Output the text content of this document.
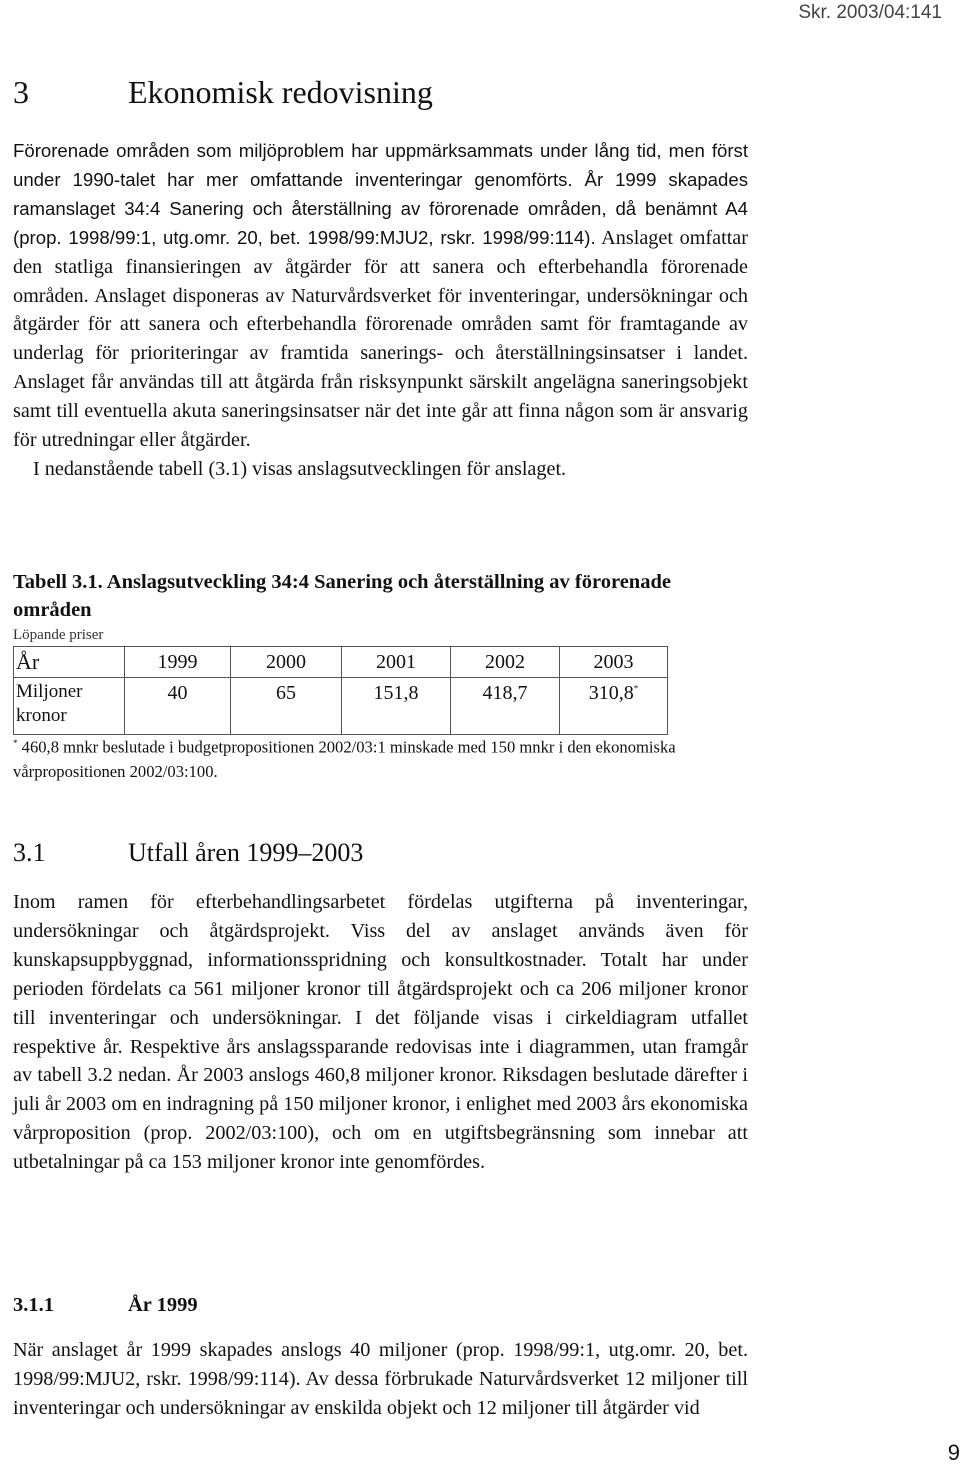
Skr. 2003/04:141
3	Ekonomisk redovisning

Förorenade områden som miljöproblem har uppmärksammats under lång tid, men först under 1990-talet har mer omfattande inventeringar genomförts. År 1999 skapades ramanslaget 34:4 Sanering och återställning av förorenade områden, då benämnt A4 (prop. 1998/99:1, utg.omr. 20, bet. 1998/99:MJU2, rskr. 1998/99:114). Anslaget omfattar den statliga finansieringen av åtgärder för att sanera och efterbehandla förorenade områden. Anslaget disponeras av Naturvårdsverket för inventeringar, undersökningar och åtgärder för att sanera och efterbehandla förorenade områden samt för framtagande av underlag för prioriteringar av framtida sanerings- och återställningsinsatser i landet. Anslaget får användas till att åtgärda från risksynpunkt särskilt angelägna saneringsobjekt samt till eventuella akuta saneringsinsatser när det inte går att finna någon som är ansvarig för utredningar eller åtgärder.

I nedanstående tabell (3.1) visas anslagsutvecklingen för anslaget.

Tabell 3.1. Anslagsutveckling 34:4 Sanering och återställning av förorenade områden
Löpande priser
År	1999	2000	2001	2002	2003
Miljoner kronor	40	65	151,8	418,7	310,8*
* 460,8 mnkr beslutade i budgetpropositionen 2002/03:1 minskade med 150 mnkr i den ekonomiska vårpropositionen 2002/03:100.
3.1	Utfall åren 1999–2003

Inom ramen för efterbehandlingsarbetet fördelas utgifterna på inventeringar, undersökningar och åtgärdsprojekt. Viss del av anslaget används även för kunskapsuppbyggnad, informationsspridning och konsultkostnader. Totalt har under perioden fördelats ca 561 miljoner kronor till åtgärdsprojekt och ca 206 miljoner kronor till inventeringar och undersökningar. I det följande visas i cirkeldiagram utfallet respektive år. Respektive års anslagssparande redovisas inte i diagrammen, utan framgår av tabell 3.2 nedan. År 2003 anslogs 460,8 miljoner kronor. Riksdagen beslutade därefter i juli år 2003 om en indragning på 150 miljoner kronor, i enlighet med 2003 års ekonomiska vårproposition (prop. 2002/03:100), och om en utgiftsbegränsning som innebar att utbetalningar på ca 153 miljoner kronor inte genomfördes.

3.1.1	År 1999

När anslaget år 1999 skapades anslogs 40 miljoner (prop. 1998/99:1, utg.omr. 20, bet. 1998/99:MJU2, rskr. 1998/99:114). Av dessa förbrukade Naturvårdsverket 12 miljoner till inventeringar och undersökningar av enskilda objekt och 12 miljoner till åtgärder vid

9
